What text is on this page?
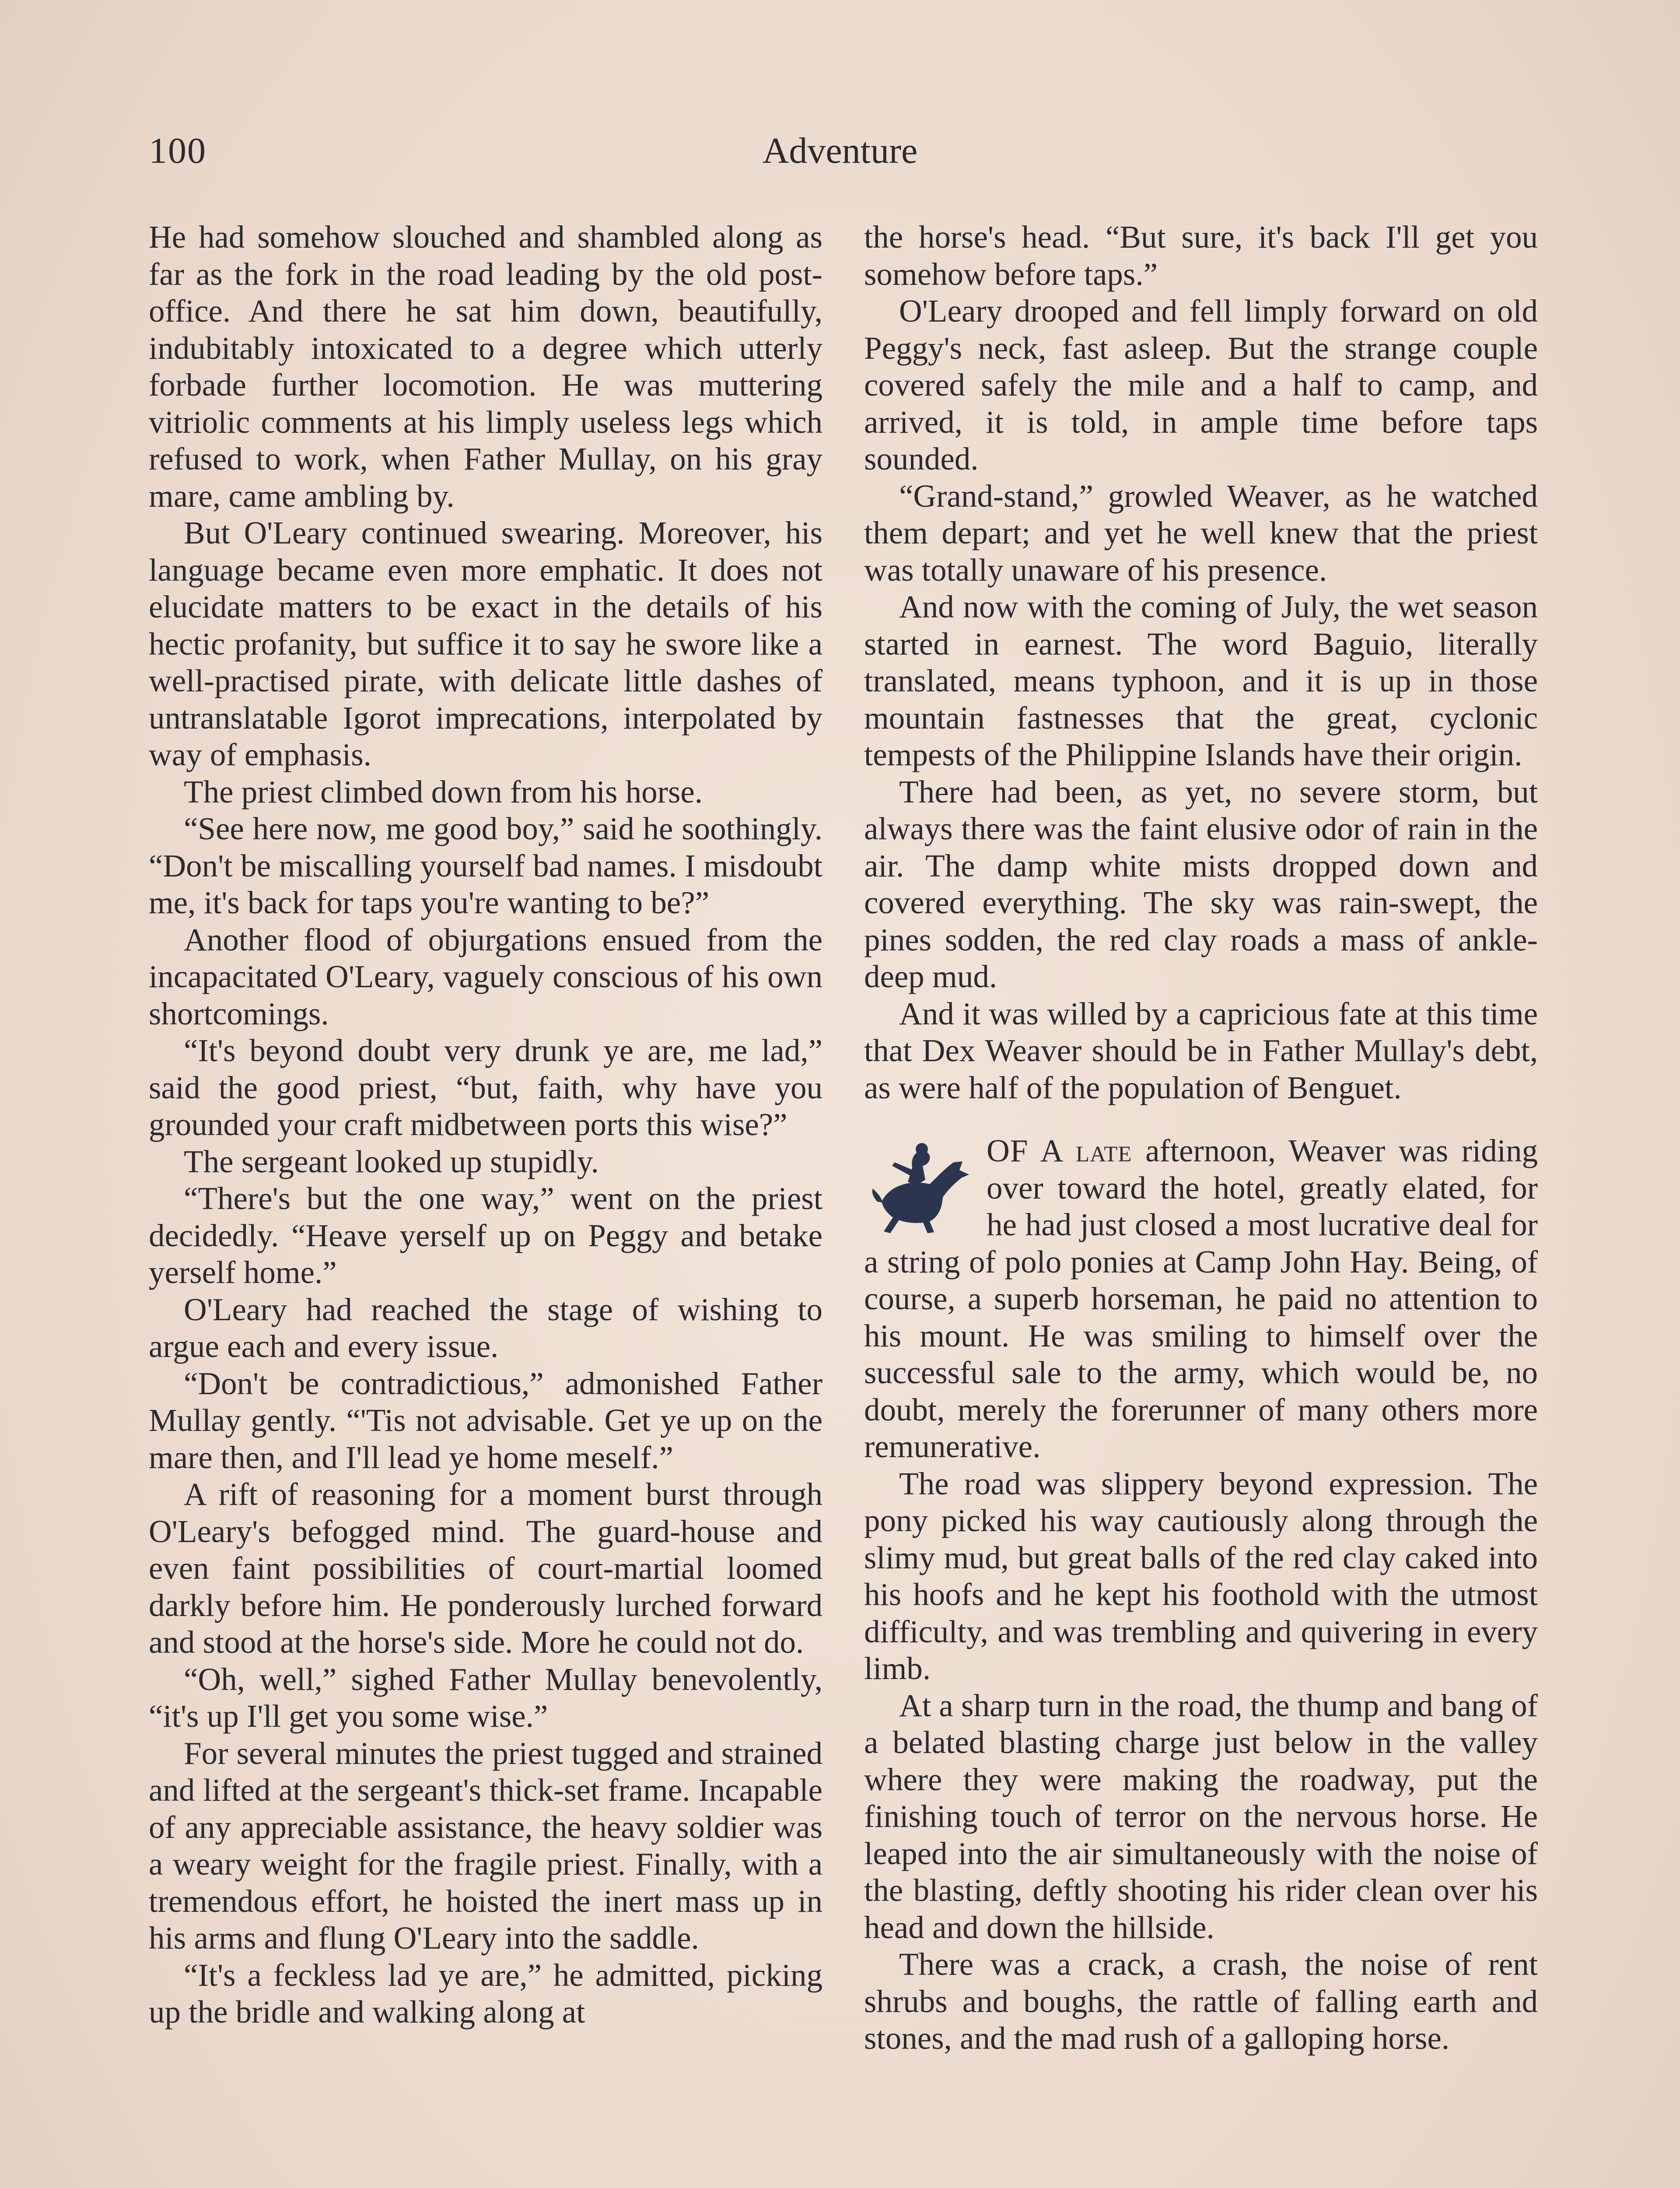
100	Adventure

He had somehow slouched and shambled along as far as the fork in the road leading by the old post-office. And there he sat him down, beautifully, indubitably intoxicated to a degree which utterly forbade further locomotion. He was muttering vitriolic comments at his limply useless legs which refused to work, when Father Mullay, on his gray mare, came ambling by.

But O'Leary continued swearing. Moreover, his language became even more emphatic. It does not elucidate matters to be exact in the details of his hectic profanity, but suffice it to say he swore like a well-practised pirate, with delicate little dashes of untranslatable Igorot imprecations, interpolated by way of emphasis.

The priest climbed down from his horse.

“See here now, me good boy,” said he soothingly. “Don't be miscalling yourself bad names. I misdoubt me, it's back for taps you're wanting to be?”

Another flood of objurgations ensued from the incapacitated O'Leary, vaguely conscious of his own shortcomings.

“It's beyond doubt very drunk ye are, me lad,” said the good priest, “but, faith, why have you grounded your craft midbetween ports this wise?”

The sergeant looked up stupidly.

“There's but the one way,” went on the priest decidedly. “Heave yerself up on Peggy and betake yerself home.”

O'Leary had reached the stage of wishing to argue each and every issue.

“Don't be contradictious,” admonished Father Mullay gently. “'Tis not advisable. Get ye up on the mare then, and I'll lead ye home meself.”

A rift of reasoning for a moment burst through O'Leary's befogged mind. The guard-house and even faint possibilities of court-martial loomed darkly before him. He ponderously lurched forward and stood at the horse's side. More he could not do.

“Oh, well,” sighed Father Mullay benevolently, “it's up I'll get you some wise.”

For several minutes the priest tugged and strained and lifted at the sergeant's thick-set frame. Incapable of any appreciable assistance, the heavy soldier was a weary weight for the fragile priest. Finally, with a tremendous effort, he hoisted the inert mass up in his arms and flung O'Leary into the saddle.

“It's a feckless lad ye are,” he admitted, picking up the bridle and walking along at

the horse's head. “But sure, it's back I'll get you somehow before taps.”

O'Leary drooped and fell limply forward on old Peggy's neck, fast asleep. But the strange couple covered safely the mile and a half to camp, and arrived, it is told, in ample time before taps sounded.

“Grand-stand,” growled Weaver, as he watched them depart; and yet he well knew that the priest was totally unaware of his presence.

And now with the coming of July, the wet season started in earnest. The word Baguio, literally translated, means typhoon, and it is up in those mountain fastnesses that the great, cyclonic tempests of the Philippine Islands have their origin.

There had been, as yet, no severe storm, but always there was the faint elusive odor of rain in the air. The damp white mists dropped down and covered everything. The sky was rain-swept, the pines sodden, the red clay roads a mass of ankle-deep mud.

And it was willed by a capricious fate at this time that Dex Weaver should be in Father Mullay's debt, as were half of the population of Benguet.

OF A late afternoon, Weaver was riding over toward the hotel, greatly elated, for he had just closed a most lucrative deal for a string of polo ponies at Camp John Hay. Being, of course, a superb horseman, he paid no attention to his mount. He was smiling to himself over the successful sale to the army, which would be, no doubt, merely the forerunner of many others more remunerative.

The road was slippery beyond expression. The pony picked his way cautiously along through the slimy mud, but great balls of the red clay caked into his hoofs and he kept his foothold with the utmost difficulty, and was trembling and quivering in every limb.

At a sharp turn in the road, the thump and bang of a belated blasting charge just below in the valley where they were making the roadway, put the finishing touch of terror on the nervous horse. He leaped into the air simultaneously with the noise of the blasting, deftly shooting his rider clean over his head and down the hillside.

There was a crack, a crash, the noise of rent shrubs and boughs, the rattle of falling earth and stones, and the mad rush of a galloping horse.
